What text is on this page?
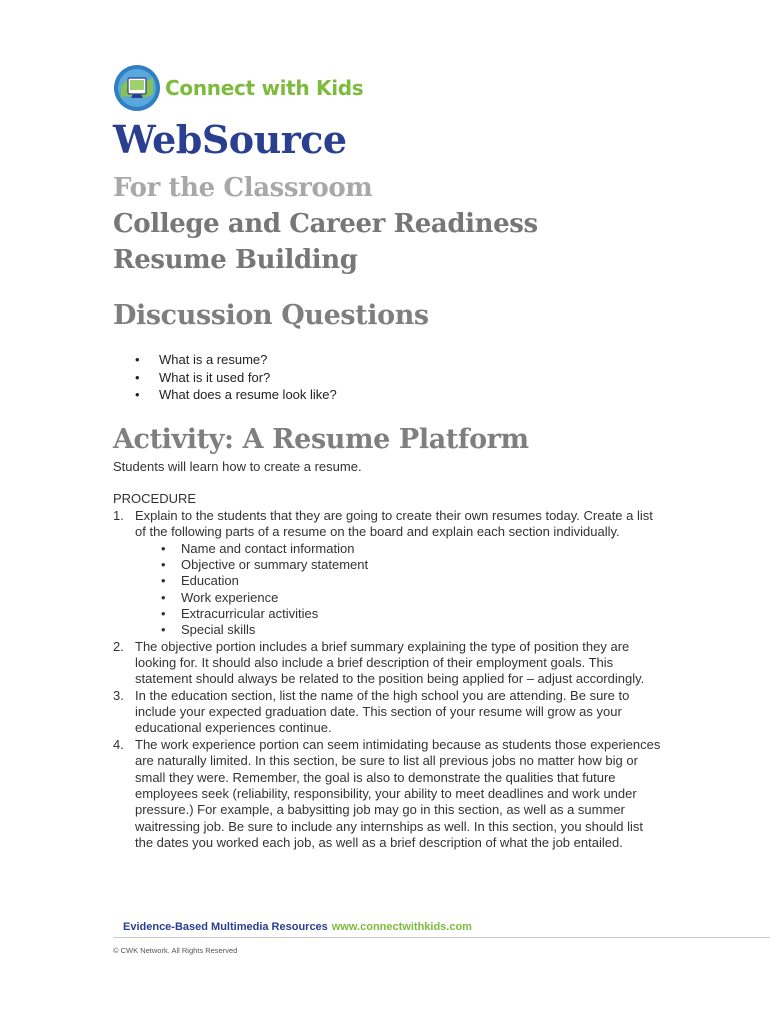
Connect with Kids
WebSource
For the Classroom
College and Career Readiness
Resume Building
Discussion Questions
• What is a resume?
• What is it used for?
• What does a resume look like?
Activity: A Resume Platform

Students will learn how to create a resume.

PROCEDURE

1. Explain to the students that they are going to create their own resumes today. Create a list of the following parts of a resume on the board and explain each section individually.
• Name and contact information
• Objective or summary statement
• Education
• Work experience
• Extracurricular activities
• Special skills
2. The objective portion includes a brief summary explaining the type of position they are looking for. It should also include a brief description of their employment goals. This statement should always be related to the position being applied for – adjust accordingly.
3. In the education section, list the name of the high school you are attending. Be sure to include your expected graduation date. This section of your resume will grow as your educational experiences continue.
4. The work experience portion can seem intimidating because as students those experiences are naturally limited. In this section, be sure to list all previous jobs no matter how big or small they were. Remember, the goal is also to demonstrate the qualities that future employees seek (reliability, responsibility, your ability to meet deadlines and work under pressure.) For example, a babysitting job may go in this section, as well as a summer waitressing job. Be sure to include any internships as well. In this section, you should list the dates you worked each job, as well as a brief description of what the job entailed.
Evidence-Based Multimedia Resources www.connectwithkids.com
© CWK Network. All Rights Reserved
